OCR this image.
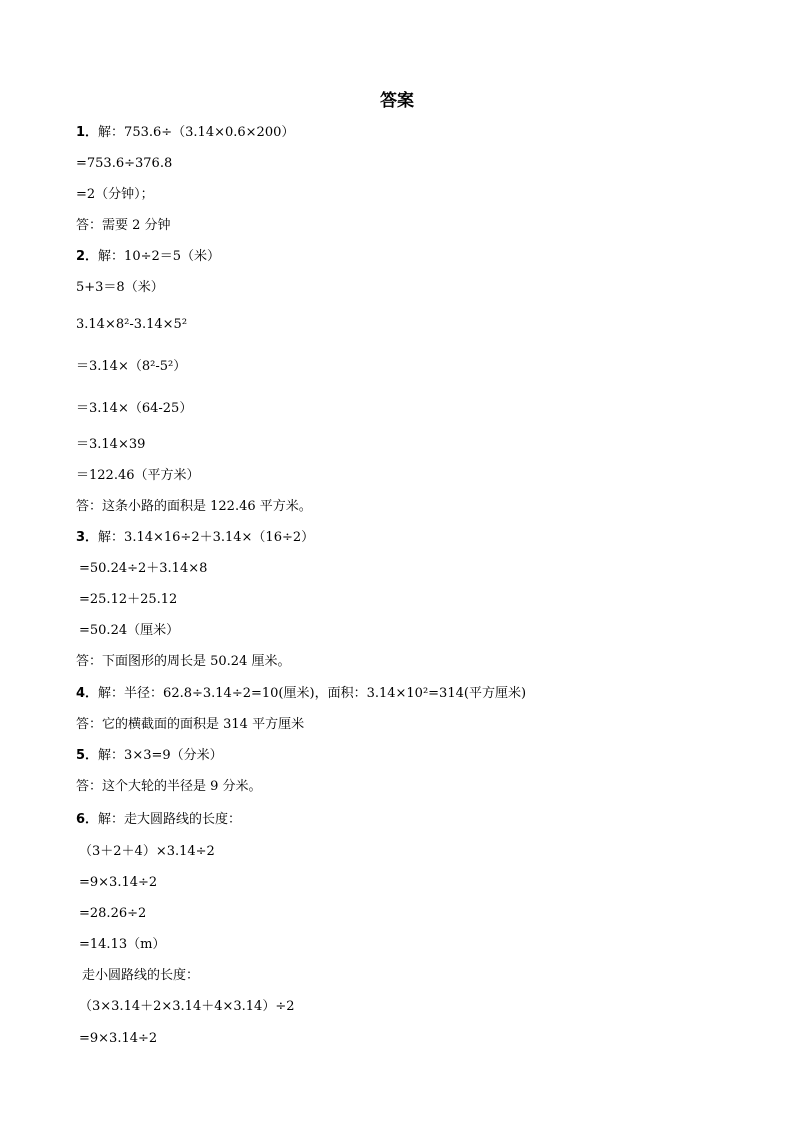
答案
1．解：753.6÷（3.14×0.6×200）
=753.6÷376.8
=2（分钟）；
答：需要 2 分钟
2．解：10÷2＝5（米）
5+3＝8（米）
3.14×8²-3.14×5²
＝3.14×（8²-5²）
＝3.14×（64-25）
＝3.14×39
＝122.46（平方米）
答：这条小路的面积是 122.46 平方米。
3．解：3.14×16÷2＋3.14×（16÷2）
=50.24÷2＋3.14×8
=25.12＋25.12
=50.24（厘米）
答：下面图形的周长是 50.24 厘米。
4．解：半径：62.8÷3.14÷2=10(厘米)，面积：3.14×10²=314(平方厘米)
答：它的横截面的面积是 314 平方厘米
5．解：3×3=9（分米）
答：这个大轮的半径是 9 分米。
6．解：走大圆路线的长度：
（3＋2＋4）×3.14÷2
=9×3.14÷2
=28.26÷2
=14.13（m）
走小圆路线的长度：
（3×3.14＋2×3.14＋4×3.14）÷2
=9×3.14÷2
